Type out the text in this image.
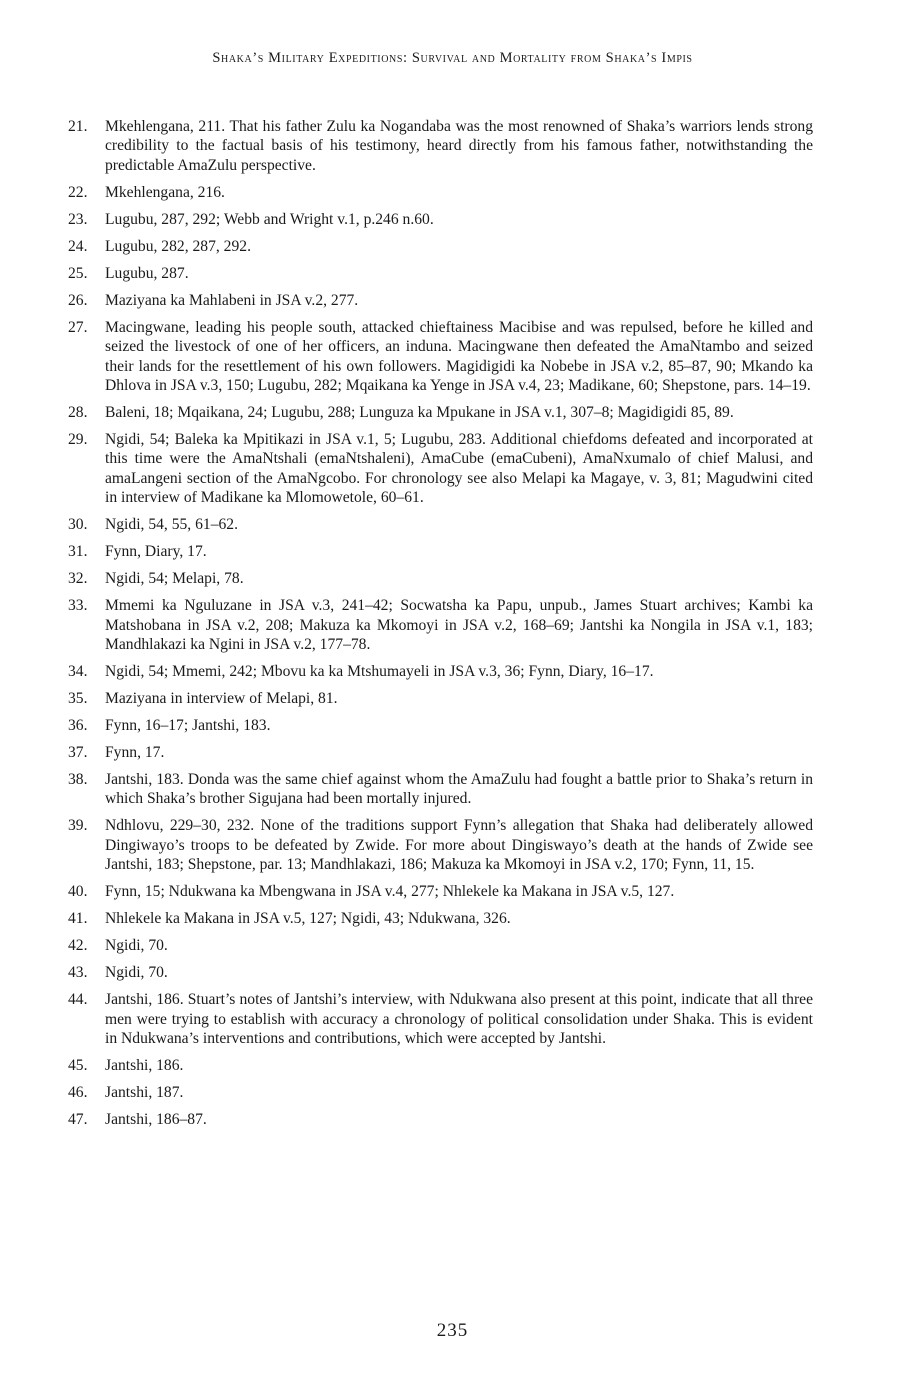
Shaka’s Military Expeditions: Survival and Mortality from Shaka’s Impis
21.	Mkehlengana, 211. That his father Zulu ka Nogandaba was the most renowned of Shaka’s warriors lends strong credibility to the factual basis of his testimony, heard directly from his famous father, notwithstanding the predictable AmaZulu perspective.
22.	Mkehlengana, 216.
23.	Lugubu, 287, 292; Webb and Wright v.1, p.246 n.60.
24.	Lugubu, 282, 287, 292.
25.	Lugubu, 287.
26.	Maziyana ka Mahlabeni in JSA v.2, 277.
27.	Macingwane, leading his people south, attacked chieftainess Macibise and was repulsed, before he killed and seized the livestock of one of her officers, an induna. Macingwane then defeated the AmaNtambo and seized their lands for the resettlement of his own followers. Magidigidi ka Nobebe in JSA v.2, 85–87, 90; Mkando ka Dhlova in JSA v.3, 150; Lugubu, 282; Mqaikana ka Yenge in JSA v.4, 23; Madikane, 60; Shepstone, pars. 14–19.
28.	Baleni, 18; Mqaikana, 24; Lugubu, 288; Lunguza ka Mpukane in JSA v.1, 307–8; Magidigidi 85, 89.
29.	Ngidi, 54; Baleka ka Mpitikazi in JSA v.1, 5; Lugubu, 283. Additional chiefdoms defeated and incorporated at this time were the AmaNtshali (emaNtshaleni), AmaCube (emaCubeni), AmaNxumalo of chief Malusi, and amaLangeni section of the AmaNgcobo. For chronology see also Melapi ka Magaye, v. 3, 81; Magudwini cited in interview of Madikane ka Mlomowetole, 60–61.
30.	Ngidi, 54, 55, 61–62.
31.	Fynn, Diary, 17.
32.	Ngidi, 54; Melapi, 78.
33.	Mmemi ka Nguluzane in JSA v.3, 241–42; Socwatsha ka Papu, unpub., James Stuart archives; Kambi ka Matshobana in JSA v.2, 208; Makuza ka Mkomoyi in JSA v.2, 168–69; Jantshi ka Nongila in JSA v.1, 183; Mandhlakazi ka Ngini in JSA v.2, 177–78.
34.	Ngidi, 54; Mmemi, 242; Mbovu ka ka Mtshumayeli in JSA v.3, 36; Fynn, Diary, 16–17.
35.	Maziyana in interview of Melapi, 81.
36.	Fynn, 16–17; Jantshi, 183.
37.	Fynn, 17.
38.	Jantshi, 183. Donda was the same chief against whom the AmaZulu had fought a battle prior to Shaka’s return in which Shaka’s brother Sigujana had been mortally injured.
39.	Ndhlovu, 229–30, 232. None of the traditions support Fynn’s allegation that Shaka had deliberately allowed Dingiwayo’s troops to be defeated by Zwide. For more about Dingiswayo’s death at the hands of Zwide see Jantshi, 183; Shepstone, par. 13; Mandhlakazi, 186; Makuza ka Mkomoyi in JSA v.2, 170; Fynn, 11, 15.
40.	Fynn, 15; Ndukwana ka Mbengwana in JSA v.4, 277; Nhlekele ka Makana in JSA v.5, 127.
41.	Nhlekele ka Makana in JSA v.5, 127; Ngidi, 43; Ndukwana, 326.
42.	Ngidi, 70.
43.	Ngidi, 70.
44.	Jantshi, 186. Stuart’s notes of Jantshi’s interview, with Ndukwana also present at this point, indicate that all three men were trying to establish with accuracy a chronology of political consolidation under Shaka. This is evident in Ndukwana’s interventions and contributions, which were accepted by Jantshi.
45.	Jantshi, 186.
46.	Jantshi, 187.
47.	Jantshi, 186–87.
235
